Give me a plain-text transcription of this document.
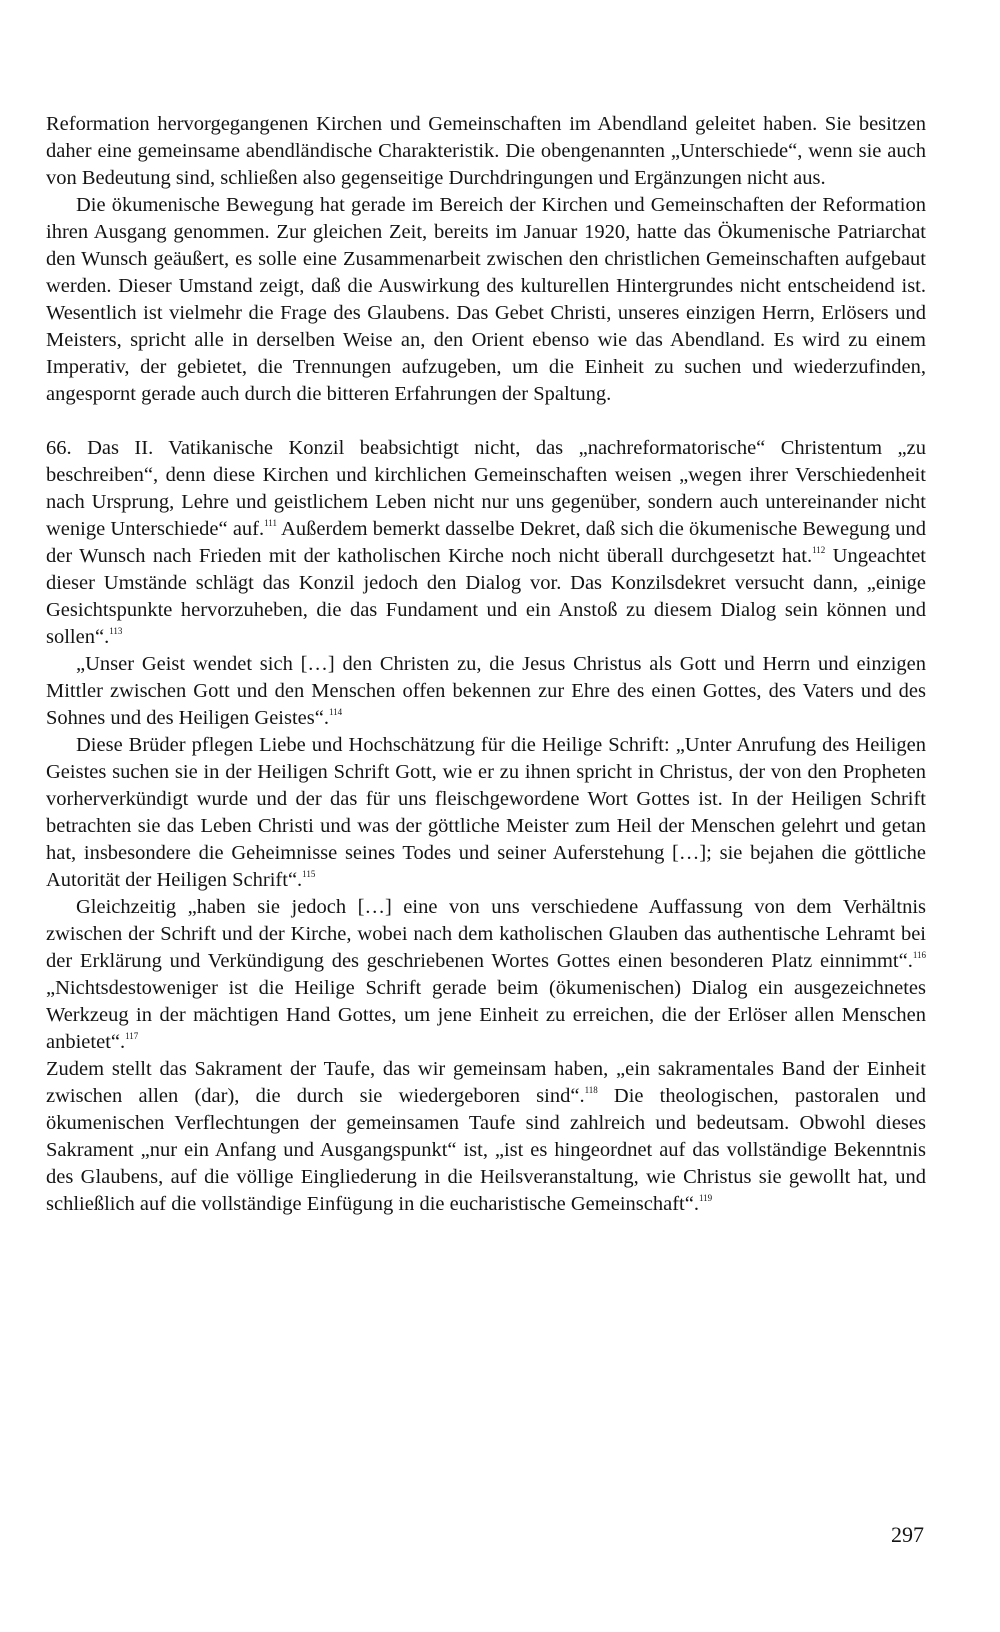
Reformation hervorgegangenen Kirchen und Gemeinschaften im Abendland geleitet haben. Sie besitzen daher eine gemeinsame abendländische Charakteristik. Die obengenannten „Unterschiede“, wenn sie auch von Bedeutung sind, schließen also gegenseitige Durchdringungen und Ergänzungen nicht aus.

Die ökumenische Bewegung hat gerade im Bereich der Kirchen und Gemeinschaften der Reformation ihren Ausgang genommen. Zur gleichen Zeit, bereits im Januar 1920, hatte das Ökumenische Patriarchat den Wunsch geäußert, es solle eine Zusammenarbeit zwischen den christlichen Gemeinschaften aufgebaut werden. Dieser Umstand zeigt, daß die Auswirkung des kulturellen Hintergrundes nicht entscheidend ist. Wesentlich ist vielmehr die Frage des Glaubens. Das Gebet Christi, unseres einzigen Herrn, Erlösers und Meisters, spricht alle in derselben Weise an, den Orient ebenso wie das Abendland. Es wird zu einem Imperativ, der gebietet, die Trennungen aufzugeben, um die Einheit zu suchen und wiederzufinden, angespornt gerade auch durch die bitteren Erfahrungen der Spaltung.

66. Das II. Vatikanische Konzil beabsichtigt nicht, das „nachreformatorische“ Christentum „zu beschreiben“, denn diese Kirchen und kirchlichen Gemeinschaften weisen „wegen ihrer Verschiedenheit nach Ursprung, Lehre und geistlichem Leben nicht nur uns gegenüber, sondern auch untereinander nicht wenige Unterschiede“ auf.$^{111}$ Außerdem bemerkt dasselbe Dekret, daß sich die ökumenische Bewegung und der Wunsch nach Frieden mit der katholischen Kirche noch nicht überall durchgesetzt hat.$^{112}$ Ungeachtet dieser Umstände schlägt das Konzil jedoch den Dialog vor. Das Konzilsdekret versucht dann, „einige Gesichtspunkte hervorzuheben, die das Fundament und ein Anstoß zu diesem Dialog sein können und sollen“.$^{113}$

„Unser Geist wendet sich […] den Christen zu, die Jesus Christus als Gott und Herrn und einzigen Mittler zwischen Gott und den Menschen offen bekennen zur Ehre des einen Gottes, des Vaters und des Sohnes und des Heiligen Geistes“.$^{114}$

Diese Brüder pflegen Liebe und Hochschätzung für die Heilige Schrift: „Unter Anrufung des Heiligen Geistes suchen sie in der Heiligen Schrift Gott, wie er zu ihnen spricht in Christus, der von den Propheten vorherverkündigt wurde und der das für uns fleischgewordene Wort Gottes ist. In der Heiligen Schrift betrachten sie das Leben Christi und was der göttliche Meister zum Heil der Menschen gelehrt und getan hat, insbesondere die Geheimnisse seines Todes und seiner Auferstehung […]; sie bejahen die göttliche Autorität der Heiligen Schrift“.$^{115}$

Gleichzeitig „haben sie jedoch […] eine von uns verschiedene Auffassung von dem Verhältnis zwischen der Schrift und der Kirche, wobei nach dem katholischen Glauben das authentische Lehramt bei der Erklärung und Verkündigung des geschriebenen Wortes Gottes einen besonderen Platz einnimmt“.$^{116}$ „Nichtsdestoweniger ist die Heilige Schrift gerade beim (ökumenischen) Dialog ein ausgezeichnetes Werkzeug in der mächtigen Hand Gottes, um jene Einheit zu erreichen, die der Erlöser allen Menschen anbietet“.$^{117}$

Zudem stellt das Sakrament der Taufe, das wir gemeinsam haben, „ein sakramentales Band der Einheit zwischen allen (dar), die durch sie wiedergeboren sind“.$^{118}$ Die theologischen, pastoralen und ökumenischen Verflechtungen der gemeinsamen Taufe sind zahlreich und bedeutsam. Obwohl dieses Sakrament „nur ein Anfang und Ausgangspunkt“ ist, „ist es hingeordnet auf das vollständige Bekenntnis des Glaubens, auf die völlige Eingliederung in die Heilsveranstaltung, wie Christus sie gewollt hat, und schließlich auf die vollständige Einfügung in die eucharistische Gemeinschaft“.$^{119}$

297
